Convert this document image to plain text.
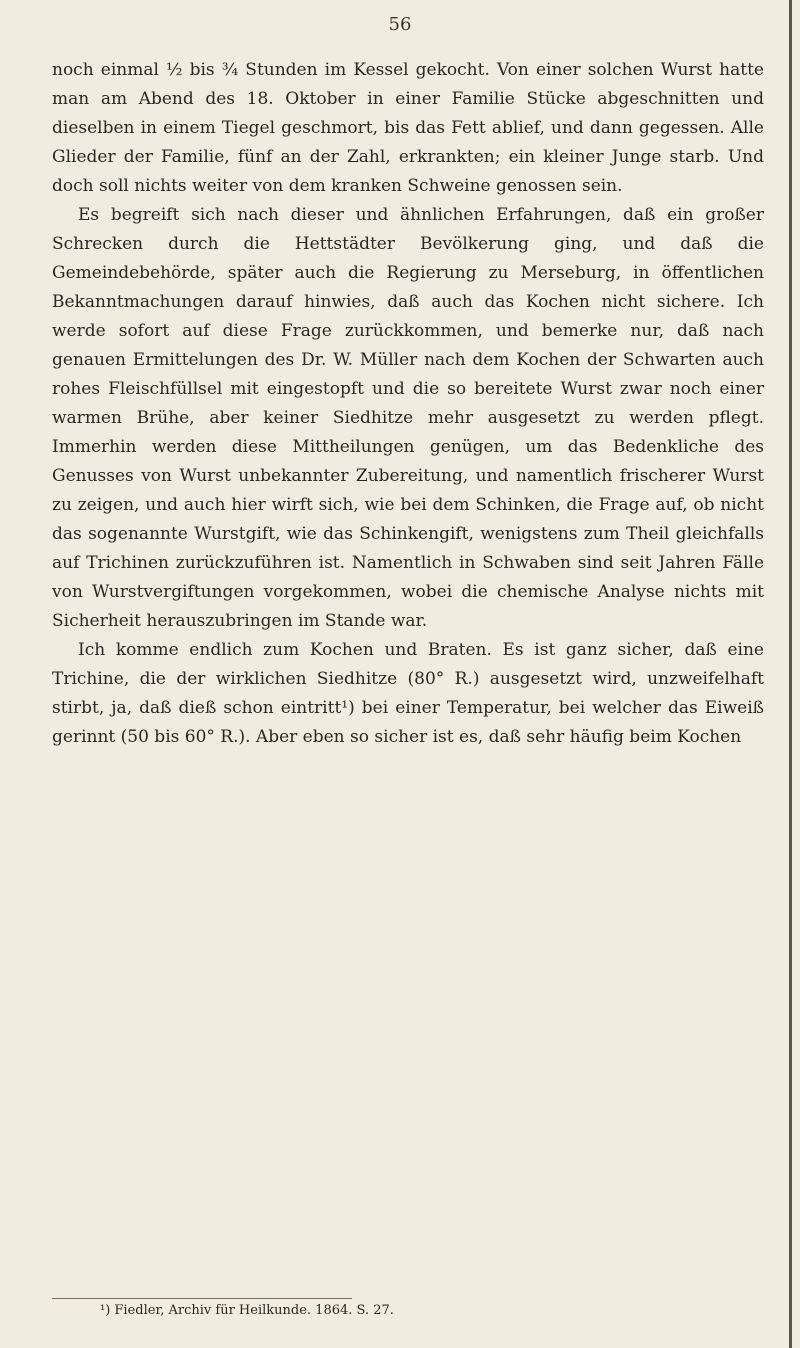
56

noch einmal ½ bis ¾ Stunden im Kessel gekocht. Von einer solchen Wurst hatte man am Abend des 18. Oktober in einer Familie Stücke abgeschnitten und dieselben in einem Tiegel geschmort, bis das Fett ablief, und dann gegessen. Alle Glieder der Familie, fünf an der Zahl, erkrankten; ein kleiner Junge starb. Und doch soll nichts weiter von dem kranken Schweine genossen sein.

Es begreift sich nach dieser und ähnlichen Erfahrungen, daß ein großer Schrecken durch die Hettstädter Bevölkerung ging, und daß die Gemeindebehörde, später auch die Regierung zu Merseburg, in öffentlichen Bekanntmachungen darauf hinwies, daß auch das Kochen nicht sichere. Ich werde sofort auf diese Frage zurückkommen, und bemerke nur, daß nach genauen Ermittelungen des Dr. W. Müller nach dem Kochen der Schwarten auch rohes Fleischfüllsel mit eingestopft und die so bereitete Wurst zwar noch einer warmen Brühe, aber keiner Siedhitze mehr ausgesetzt zu werden pflegt. Immerhin werden diese Mittheilungen genügen, um das Bedenkliche des Genusses von Wurst unbekannter Zubereitung, und namentlich frischerer Wurst zu zeigen, und auch hier wirft sich, wie bei dem Schinken, die Frage auf, ob nicht das sogenannte Wurstgift, wie das Schinkengift, wenigstens zum Theil gleichfalls auf Trichinen zurückzuführen ist. Namentlich in Schwaben sind seit Jahren Fälle von Wurstvergiftungen vorgekommen, wobei die chemische Analyse nichts mit Sicherheit herauszubringen im Stande war.

Ich komme endlich zum Kochen und Braten. Es ist ganz sicher, daß eine Trichine, die der wirklichen Siedhitze (80° R.) ausgesetzt wird, unzweifelhaft stirbt, ja, daß dieß schon eintritt¹) bei einer Temperatur, bei welcher das Eiweiß gerinnt (50 bis 60° R.). Aber eben so sicher ist es, daß sehr häufig beim Kochen

¹) Fiedler, Archiv für Heilkunde. 1864. S. 27.
